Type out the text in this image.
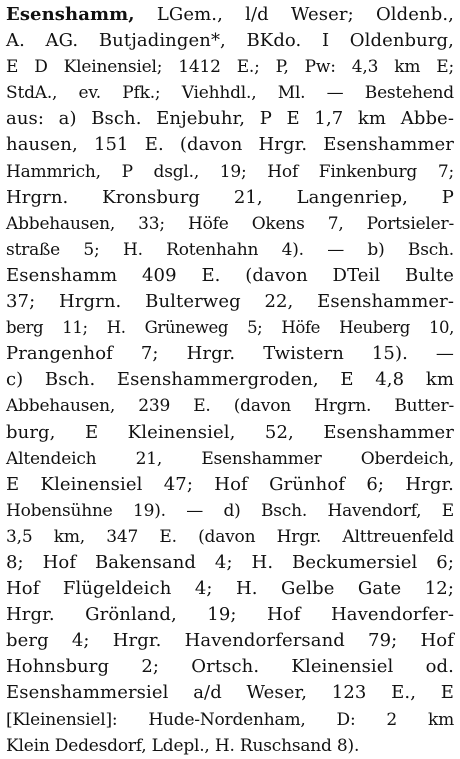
Esenshamm, LGem., l/d Weser; Oldenb.,
A. AG. Butjadingen*, BKdo. I Oldenburg,
E D Kleinensiel; 1412 E.; P, Pw: 4,3 km E;
StdA., ev. Pfk.; Viehhdl., Ml. — Bestehend
aus: a) Bsch. Enjebuhr, P E 1,7 km Abbe-
hausen, 151 E. (davon Hrgr. Esenshammer
Hammrich, P dsgl., 19; Hof Finkenburg 7;
Hrgrn. Kronsburg 21, Langenriep, P
Abbehausen, 33; Höfe Okens 7, Portsieler-
straße 5; H. Rotenhahn 4). — b) Bsch.
Esenshamm 409 E. (davon DTeil Bulte
37; Hrgrn. Bulterweg 22, Esenshammer-
berg 11; H. Grüneweg 5; Höfe Heuberg 10,
Prangenhof 7; Hrgr. Twistern 15). —
c) Bsch. Esenshammergroden, E 4,8 km
Abbehausen, 239 E. (davon Hrgrn. Butter-
burg, E Kleinensiel, 52, Esenshammer
Altendeich 21, Esenshammer Oberdeich,
E Kleinensiel 47; Hof Grünhof 6; Hrgr.
Hobensühne 19). — d) Bsch. Havendorf, E
3,5 km, 347 E. (davon Hrgr. Alttreuenfeld
8; Hof Bakensand 4; H. Beckumersiel 6;
Hof Flügeldeich 4; H. Gelbe Gate 12;
Hrgr. Grönland, 19; Hof Havendorfer-
berg 4; Hrgr. Havendorfersand 79; Hof
Hohnsburg 2; Ortsch. Kleinensiel od.
Esenshammersiel a/d Weser, 123 E., E
[Kleinensiel]: Hude-Nordenham, D: 2 km
Klein Dedesdorf, Ldepl., H. Ruschsand 8).
